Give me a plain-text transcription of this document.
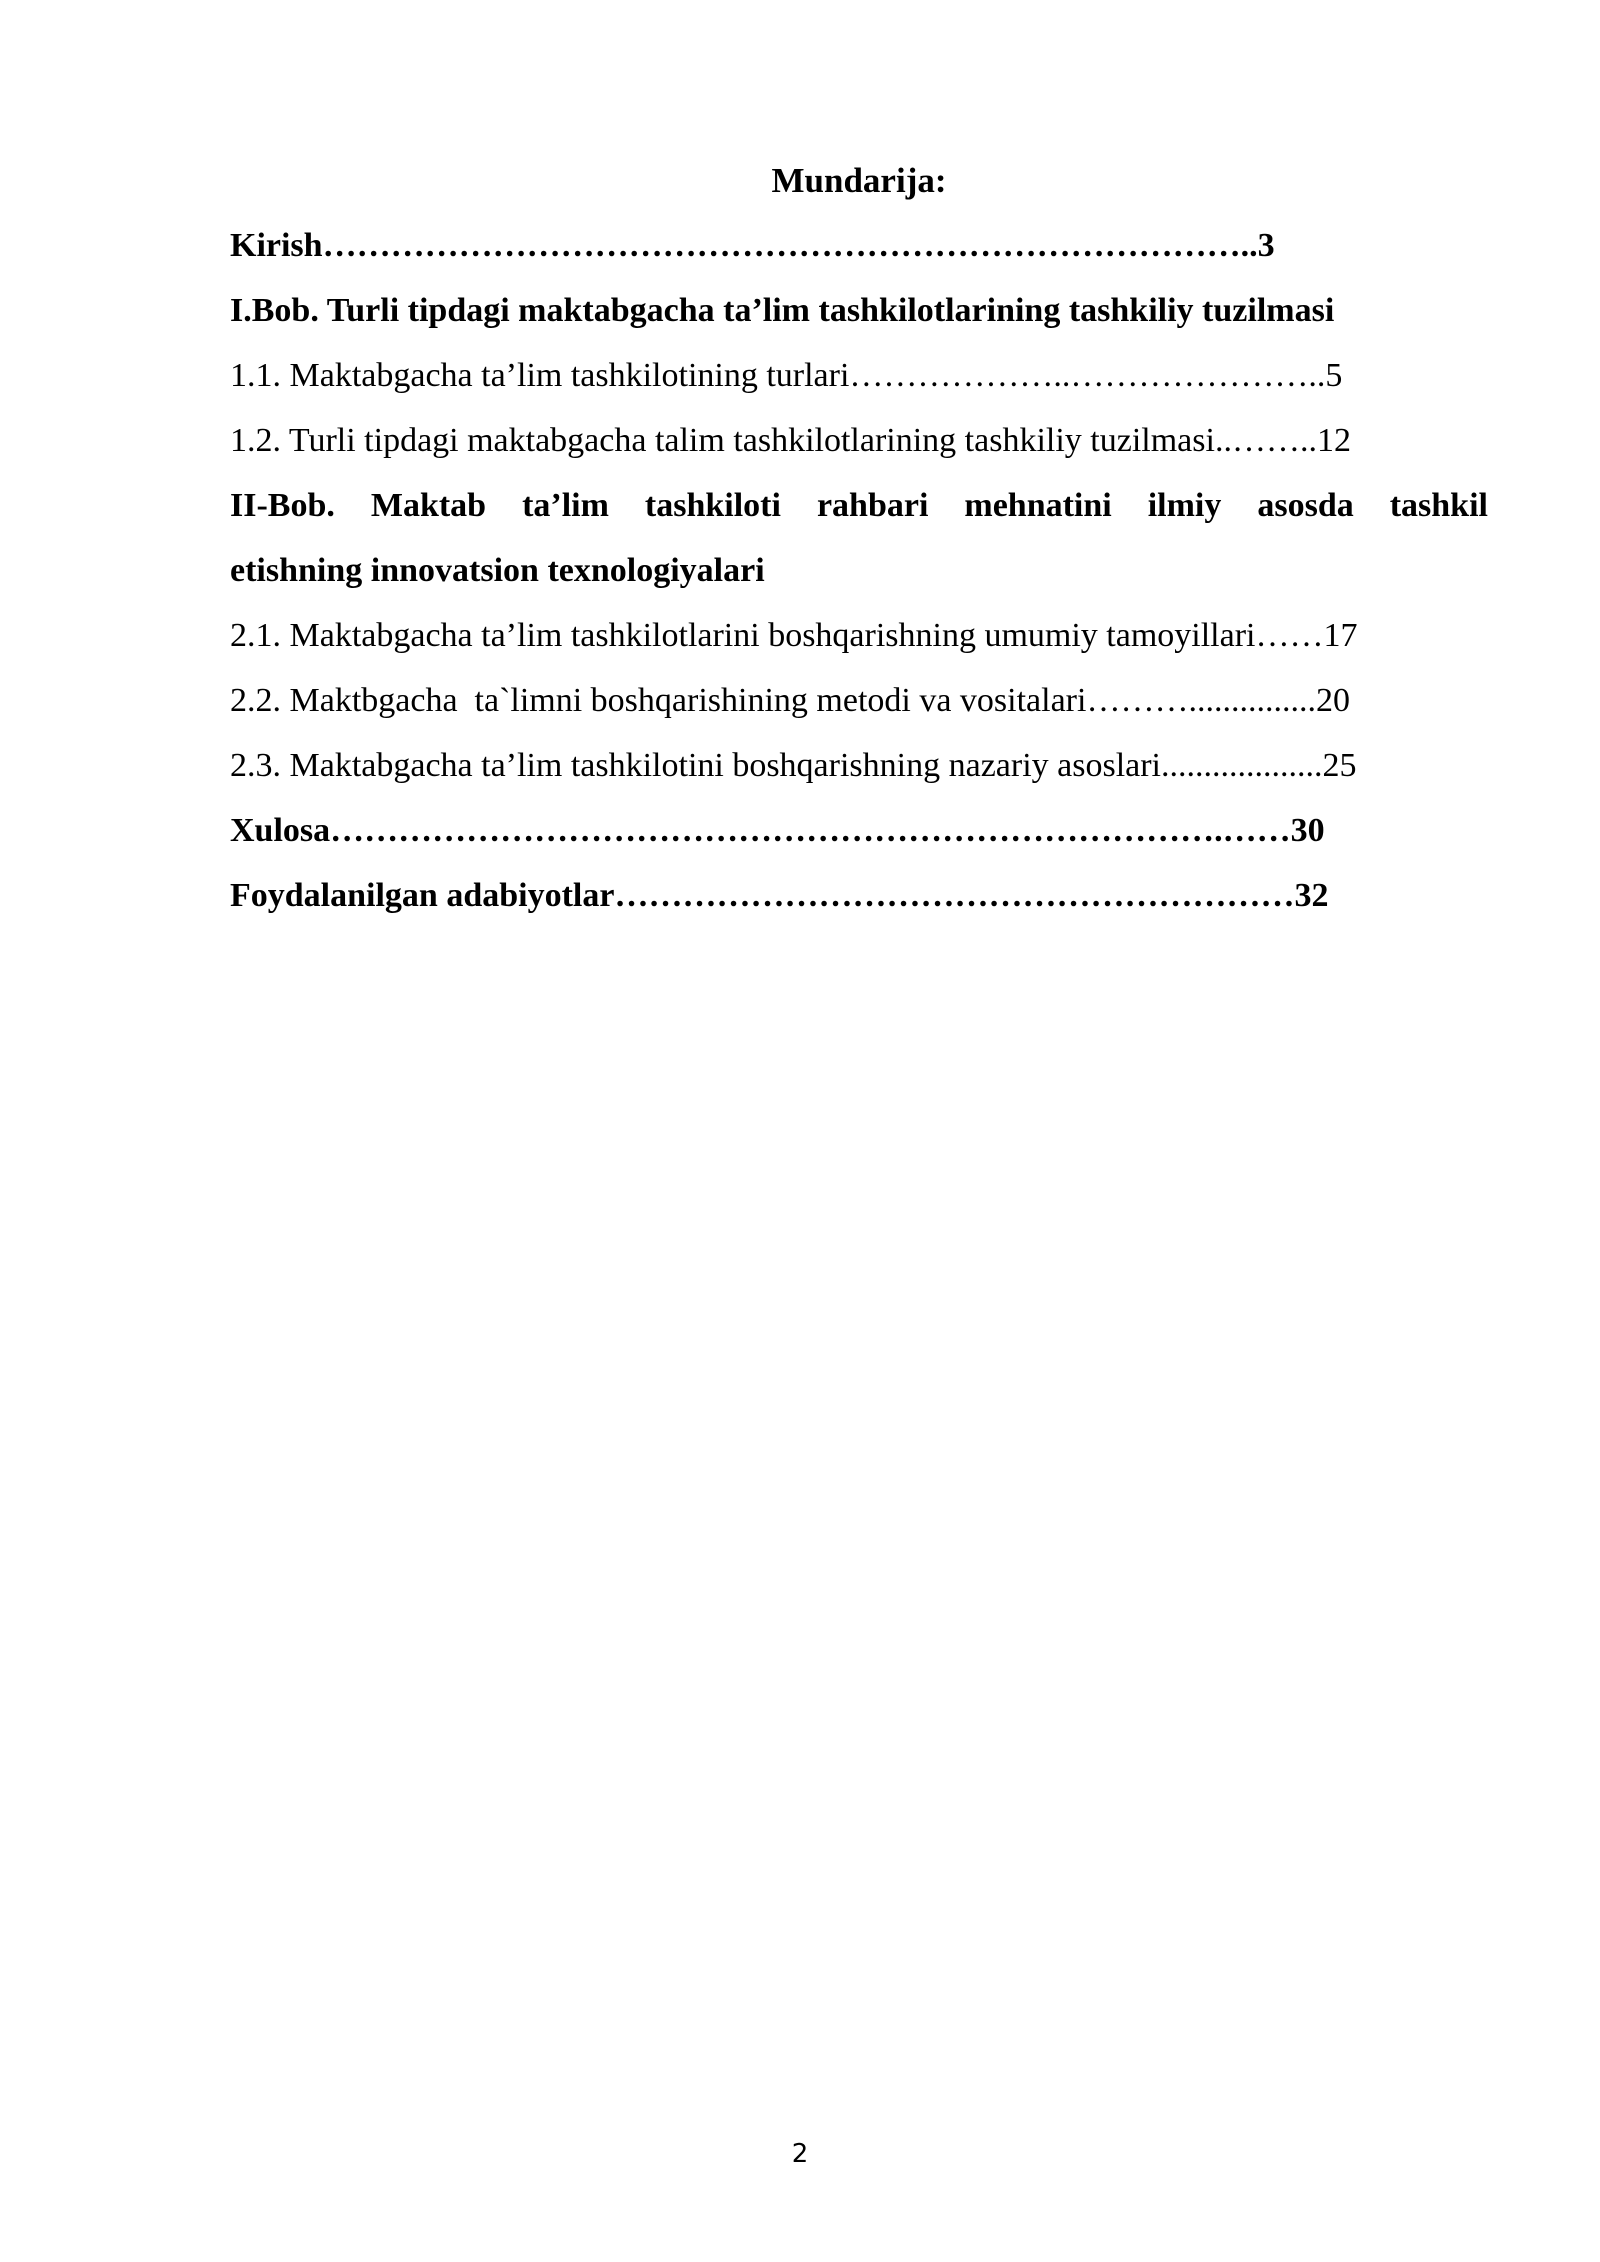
Mundarija:

Kirish………………………………………………………………………..3

I.Bob. Turli tipdagi maktabgacha ta’lim tashkilotlarining tashkiliy tuzilmasi

1.1. Maktabgacha ta’lim tashkilotining turlari………………..…………………..5

1.2. Turli tipdagi maktabgacha talim tashkilotlarining tashkiliy tuzilmasi..……..12

II-Bob. Maktab ta’lim tashkiloti rahbari mehnatini ilmiy asosda tashkil

etishning innovatsion texnologiyalari

2.1. Maktabgacha ta’lim tashkilotlarini boshqarishning umumiy tamoyillari……17

2.2. Maktbgacha  ta`limni boshqarishining metodi va vositalari………...............20

2.3. Maktabgacha ta’lim tashkilotini boshqarishning nazariy asoslari...................25

Xulosa…………………………………………………………………….……30

Foydalanilgan adabiyotlar……………………………………………………32

2
